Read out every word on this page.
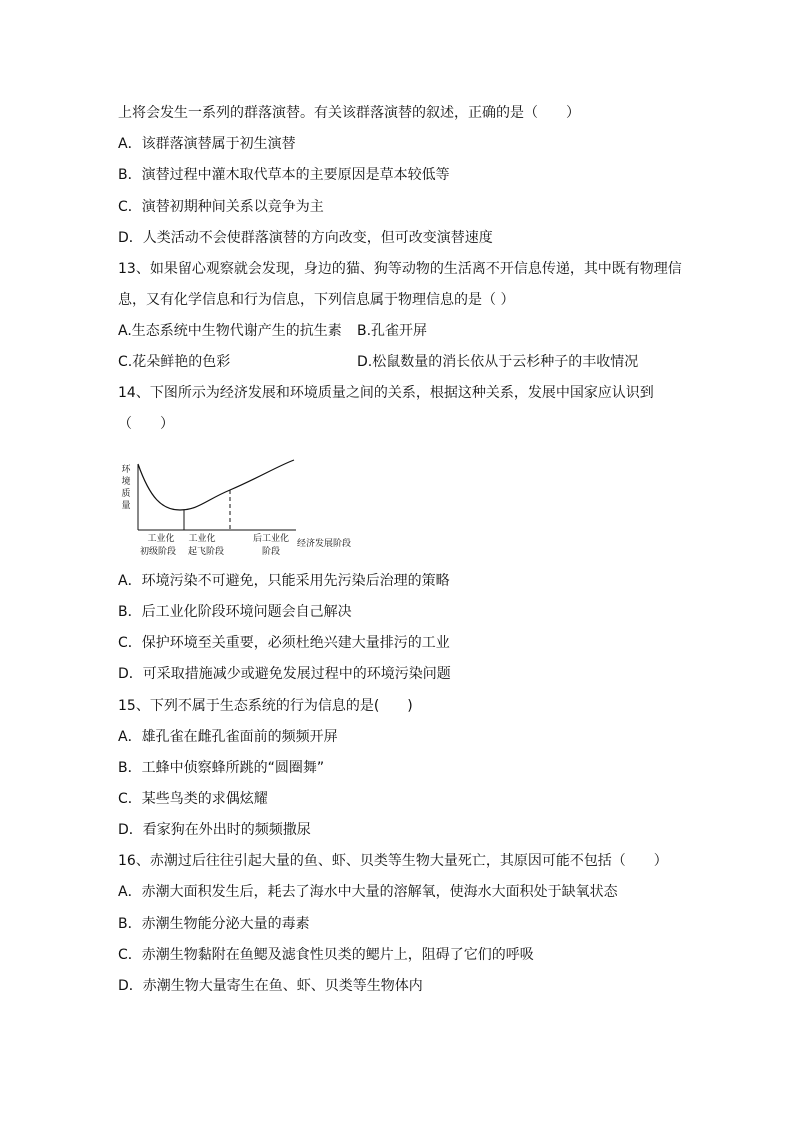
上将会发生一系列的群落演替。有关该群落演替的叙述，正确的是（　　）
A．该群落演替属于初生演替
B．演替过程中灌木取代草本的主要原因是草本较低等
C．演替初期种间关系以竞争为主
D．人类活动不会使群落演替的方向改变，但可改变演替速度
13、如果留心观察就会发现，身边的猫、狗等动物的生活离不开信息传递，其中既有物理信
息，又有化学信息和行为信息，下列信息属于物理信息的是（ ）
A.生态系统中生物代谢产生的抗生素 B.孔雀开屏
C.花朵鲜艳的色彩	D.松鼠数量的消长依从于云杉种子的丰收情况
14、下图所示为经济发展和环境质量之间的关系，根据这种关系，发展中国家应认识到
（　　）
环
境
质
量
工业化
初级阶段
工业化
起飞阶段
后工业化
阶段
经济发展阶段
A．环境污染不可避免，只能采用先污染后治理的策略
B．后工业化阶段环境问题会自己解决
C．保护环境至关重要，必须杜绝兴建大量排污的工业
D．可采取措施减少或避免发展过程中的环境污染问题
15、下列不属于生态系统的行为信息的是(　　)
A．雄孔雀在雌孔雀面前的频频开屏
B．工蜂中侦察蜂所跳的“圆圈舞”
C．某些鸟类的求偶炫耀
D．看家狗在外出时的频频撒尿
16、赤潮过后往往引起大量的鱼、虾、贝类等生物大量死亡，其原因可能不包括（　　）
A．赤潮大面积发生后，耗去了海水中大量的溶解氧，使海水大面积处于缺氧状态
B．赤潮生物能分泌大量的毒素
C．赤潮生物黏附在鱼鳃及滤食性贝类的鳃片上，阻碍了它们的呼吸
D．赤潮生物大量寄生在鱼、虾、贝类等生物体内
